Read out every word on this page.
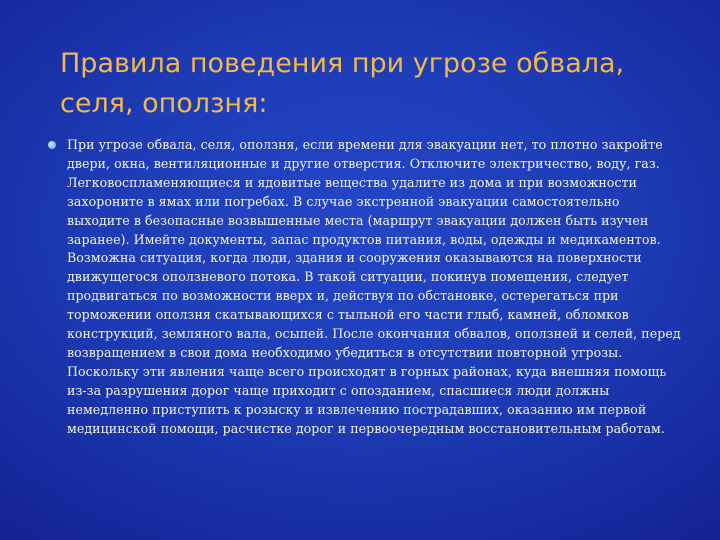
Правила поведения при угрозе обвала, селя, оползня:

При угрозе обвала, селя, оползня, если времени для эвакуации нет, то плотно закройте двери, окна, вентиляционные и другие отверстия. Отключите электричество, воду, газ. Легковоспламеняющиеся и ядовитые вещества удалите из дома и при возможности захороните в ямах или погребах. В случае экстренной эвакуации самостоятельно выходите в безопасные возвышенные места (маршрут эвакуации должен быть изучен заранее). Имейте документы, запас продуктов питания, воды, одежды и медикаментов. Возможна ситуация, когда люди, здания и сооружения оказываются на поверхности движущегося оползневого потока. В такой ситуации, покинув помещения, следует продвигаться по возможности вверх и, действуя по обстановке, остерегаться при торможении оползня скатывающихся с тыльной его части глыб, камней, обломков конструкций, земляного вала, осыпей. После окончания обвалов, оползней и селей, перед возвращением в свои дома необходимо убедиться в отсутствии повторной угрозы. Поскольку эти явления чаще всего происходят в горных районах, куда внешняя помощь из-за разрушения дорог чаще приходит с опозданием, спасшиеся люди должны немедленно приступить к розыску и извлечению пострадавших, оказанию им первой медицинской помощи, расчистке дорог и первоочередным восстановительным работам.
